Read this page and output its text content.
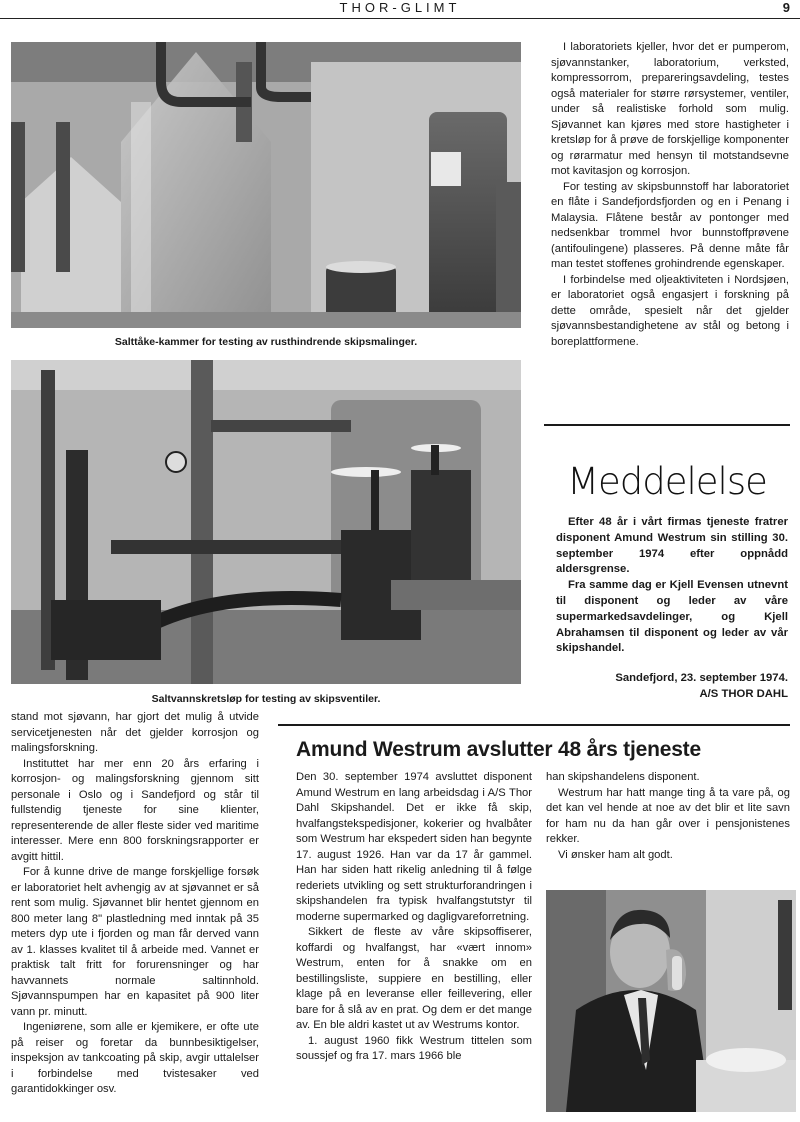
THOR-GLIMT	9
Salttåke-kammer for testing av rusthindrende skipsmalinger.
Saltvannskretsløp for testing av skipsventiler.

I laboratoriets kjeller, hvor det er pumperom, sjøvannstanker, laboratorium, verksted, kompressorrom, prepareringsavdeling, testes også materialer for større rørsystemer, ventiler, under så realistiske forhold som mulig. Sjøvannet kan kjøres med store hastigheter i kretsløp for å prøve de forskjellige komponenter og rørarmatur med hensyn til motstandsevne mot kavitasjon og korrosjon.

For testing av skipsbunnstoff har laboratoriet en flåte i Sandefjordsfjorden og en i Penang i Malaysia. Flåtene består av pontonger med nedsenkbar trommel hvor bunnstoffprøvene (antifoulingene) plasseres. På denne måte får man testet stoffenes grohindrende egenskaper.

I forbindelse med oljeaktiviteten i Nordsjøen, er laboratoriet også engasjert i forskning på dette område, spesielt når det gjelder sjøvannsbestandighetene av stål og betong i boreplattformene.

Meddelelse

Efter 48 år i vårt firmas tjeneste fratrer disponent Amund Westrum sin stilling 30. september 1974 efter oppnådd aldersgrense.

Fra samme dag er Kjell Evensen utnevnt til disponent og leder av våre supermarkedsavdelinger, og Kjell Abrahamsen til disponent og leder av vår skipshandel.

Sandefjord, 23. september 1974.
A/S THOR DAHL

stand mot sjøvann, har gjort det mulig å utvide servicetjenesten når det gjelder korrosjon og malingsforskning.

Instituttet har mer enn 20 års erfaring i korrosjon- og malingsforskning gjennom sitt personale i Oslo og i Sandefjord og står til fullstendig tjeneste for sine klienter, representerende de aller fleste sider ved maritime interesser. Mere enn 800 forskningsrapporter er avgitt hittil.

For å kunne drive de mange forskjellige forsøk er laboratoriet helt avhengig av at sjøvannet er så rent som mulig. Sjøvannet blir hentet gjennom en 800 meter lang 8" plastledning med inntak på 35 meters dyp ute i fjorden og man får derved vann av 1. klasses kvalitet til å arbeide med. Vannet er praktisk talt fritt for forurensninger og har havvannets normale saltinnhold. Sjøvannspumpen har en kapasitet på 900 liter vann pr. minutt.

Ingeniørene, som alle er kjemikere, er ofte ute på reiser og foretar da bunnbesiktigelser, inspeksjon av tankcoating på skip, avgir uttalelser i forbindelse med tvistesaker ved garantidokkinger osv.

Amund Westrum avslutter 48 års tjeneste

Den 30. september 1974 avsluttet disponent Amund Westrum en lang arbeidsdag i A/S Thor Dahl Skipshandel. Det er ikke få skip, hvalfangstekspedisjoner, kokerier og hvalbåter som Westrum har ekspedert siden han begynte 17. august 1926. Han var da 17 år gammel. Han har siden hatt rikelig anledning til å følge rederiets utvikling og sett strukturforandringen i skipshandelen fra typisk hvalfangstutstyr til moderne supermarked og dagligvareforretning.

Sikkert de fleste av våre skipsoffiserer, koffardi og hvalfangst, har «vært innom» Westrum, enten for å snakke om en bestillingsliste, suppiere en bestilling, eller klage på en leveranse eller feillevering, eller bare for å slå av en prat. Og dem er det mange av. En ble aldri kastet ut av Westrums kontor.

1. august 1960 fikk Westrum tittelen som soussjef og fra 17. mars 1966 ble

han skipshandelens disponent.

Westrum har hatt mange ting å ta vare på, og det kan vel hende at noe av det blir et lite savn for ham nu da han går over i pensjonistenes rekker.

Vi ønsker ham alt godt.
